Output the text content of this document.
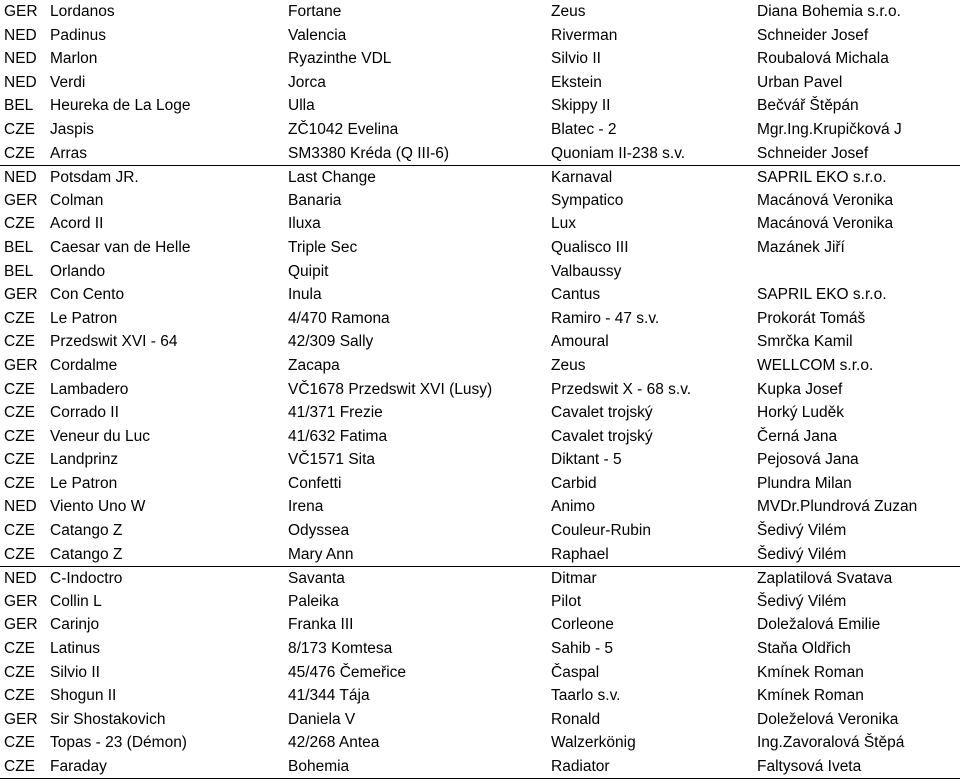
GER Lordanos	Fortane	Zeus	Diana Bohemia s.r.o.
NED Padinus	Valencia	Riverman	Schneider Josef
NED Marlon	Ryazinthe VDL	Silvio II	Roubalová Michala
NED Verdi	Jorca	Ekstein	Urban Pavel
BEL	Heureka de La Loge	Ulla	Skippy II	Bečvář Štěpán
CZE Jaspis	ZČ1042 Evelina	Blatec - 2	Mgr.Ing.Krupičková J
CZE Arras	SM3380 Kréda (Q III-6)	Quoniam II-238 s.v.	Schneider Josef
NED Potsdam JR.	Last Change	Karnaval	SAPRIL EKO s.r.o.
GER Colman	Banaria	Sympatico	Macánová Veronika
CZE Acord II	Iluxa	Lux	Macánová Veronika
BEL	Caesar van de Helle	Triple Sec	Qualisco III	Mazánek Jiří
BEL	Orlando	Quipit	Valbaussy
GER Con Cento	Inula	Cantus	SAPRIL EKO s.r.o.
CZE Le Patron	4/470 Ramona	Ramiro - 47 s.v.	Prokorát Tomáš
CZE Przedswit XVI - 64	42/309 Sally	Amoural	Smrčka Kamil
GER Cordalme	Zacapa	Zeus	WELLCOM s.r.o.
CZE Lambadero	VČ1678 Przedswit XVI (Lusy)	Przedswit X - 68 s.v.	Kupka Josef
CZE Corrado II	41/371 Frezie	Cavalet trojský	Horký Luděk
CZE Veneur du Luc	41/632 Fatima	Cavalet trojský	Černá Jana
CZE Landprinz	VČ1571 Sita	Diktant - 5	Pejosová Jana
CZE Le Patron	Confetti	Carbid	Plundra Milan
NED Viento Uno W	Irena	Animo	MVDr.Plundrová Zuzan
CZE Catango Z	Odyssea	Couleur-Rubin	Šedivý Vilém
CZE Catango Z	Mary Ann	Raphael	Šedivý Vilém
NED C-Indoctro	Savanta	Ditmar	Zaplatilová Svatava
GER Collin L	Paleika	Pilot	Šedivý Vilém
GER Carinjo	Franka III	Corleone	Doležalová Emilie
CZE Latinus	8/173 Komtesa	Sahib - 5	Staňa Oldřich
CZE Silvio II	45/476 Čemeřice	Časpal	Kmínek Roman
CZE Shogun II	41/344 Tája	Taarlo s.v.	Kmínek Roman
GER Sir Shostakovich	Daniela V	Ronald	Doleželová Veronika
CZE Topas - 23 (Démon)	42/268 Antea	Walzerkönig	Ing.Zavoralová Štěpá
CZE Faraday	Bohemia	Radiator	Faltysová Iveta
